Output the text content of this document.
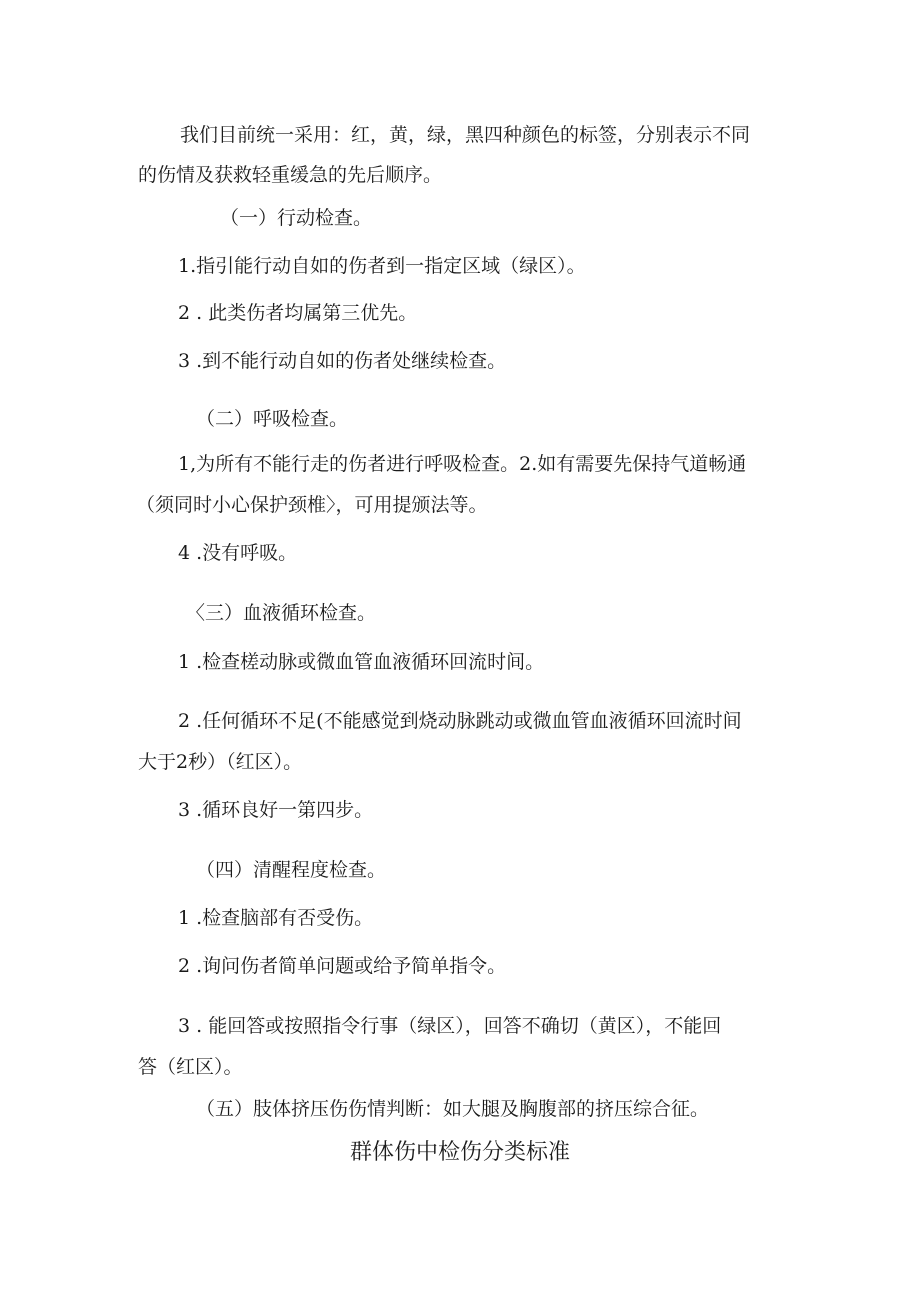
我们目前统一采用：红，黄，绿，黑四种颜色的标签，分别表示不同
的伤情及获救轻重缓急的先后顺序。
（一）行动检查。
1.指引能行动自如的伤者到一指定区域（绿区）。
2 . 此类伤者均属第三优先。
3 .到不能行动自如的伤者处继续检查。
（二）呼吸检查。
1,为所有不能行走的伤者进行呼吸检查。2.如有需要先保持气道畅通
（须同时小心保护颈椎〉，可用提颁法等。
4 .没有呼吸。
〈三）血液循环检查。
1 .检查槎动脉或微血管血液循环回流时间。
2 .任何循环不足(不能感觉到烧动脉跳动或微血管血液循环回流时间
大于2秒）（红区）。
3 .循环良好一第四步。
（四）清醒程度检查。
1 .检查脑部有否受伤。
2 .询问伤者简单问题或给予简单指令。
3 . 能回答或按照指令行事（绿区），回答不确切（黄区），不能回
答（红区）。
（五）肢体挤压伤伤情判断：如大腿及胸腹部的挤压综合征。
群体伤中检伤分类标准
